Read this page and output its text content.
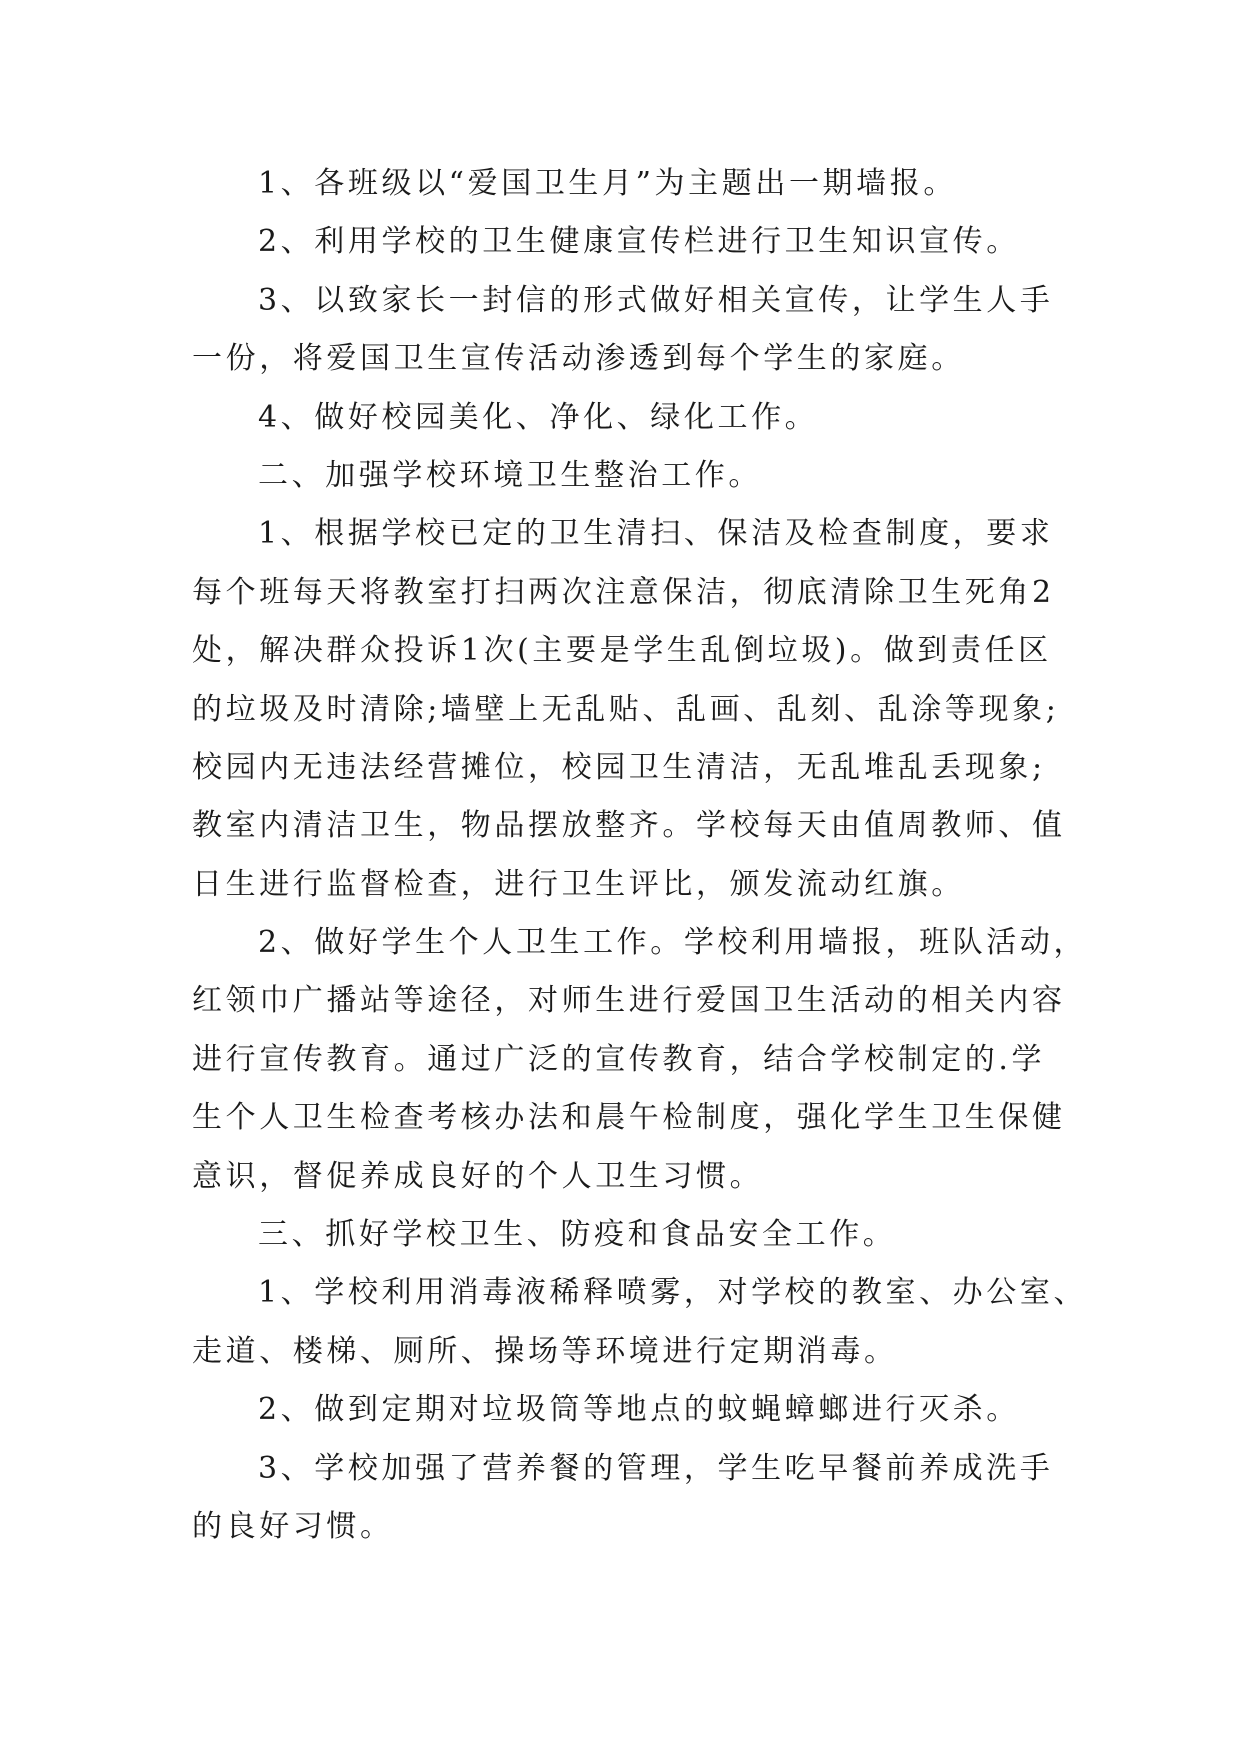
1、各班级以“爱国卫生月”为主题出一期墙报。
2、利用学校的卫生健康宣传栏进行卫生知识宣传。
3、以致家长一封信的形式做好相关宣传，让学生人手
一份，将爱国卫生宣传活动渗透到每个学生的家庭。
4、做好校园美化、净化、绿化工作。
二、加强学校环境卫生整治工作。
1、根据学校已定的卫生清扫、保洁及检查制度，要求
每个班每天将教室打扫两次注意保洁，彻底清除卫生死角2
处，解决群众投诉1次(主要是学生乱倒垃圾)。做到责任区
的垃圾及时清除;墙壁上无乱贴、乱画、乱刻、乱涂等现象;
校园内无违法经营摊位，校园卫生清洁，无乱堆乱丢现象;
教室内清洁卫生，物品摆放整齐。学校每天由值周教师、值
日生进行监督检查，进行卫生评比，颁发流动红旗。
2、做好学生个人卫生工作。学校利用墙报，班队活动，
红领巾广播站等途径，对师生进行爱国卫生活动的相关内容
进行宣传教育。通过广泛的宣传教育，结合学校制定的.学
生个人卫生检查考核办法和晨午检制度，强化学生卫生保健
意识，督促养成良好的个人卫生习惯。
三、抓好学校卫生、防疫和食品安全工作。
1、学校利用消毒液稀释喷雾，对学校的教室、办公室、
走道、楼梯、厕所、操场等环境进行定期消毒。
2、做到定期对垃圾筒等地点的蚊蝇蟑螂进行灭杀。
3、学校加强了营养餐的管理，学生吃早餐前养成洗手
的良好习惯。
